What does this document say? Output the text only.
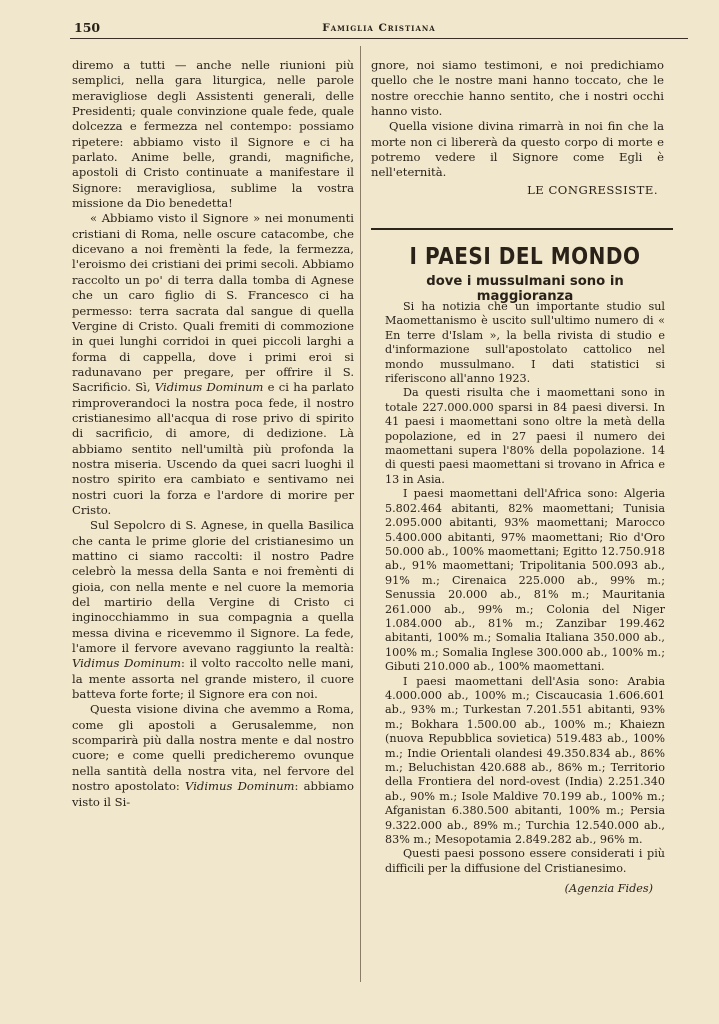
150	Famiglia Cristiana

diremo a tutti — anche nelle riunioni più semplici, nella gara liturgica, nelle parole meravigliose degli Assistenti generali, delle Presidenti; quale convinzione quale fede, quale dolcezza e fermezza nel contempo: possiamo ripetere: abbiamo visto il Signore e ci ha parlato. Anime belle, grandi, magnifiche, apostoli di Cristo continuate a manifestare il Signore: meravigliosa, sublime la vostra missione da Dio benedetta!

« Abbiamo visto il Signore » nei monumenti cristiani di Roma, nelle oscure catacombe, che dicevano a noi fremènti la fede, la fermezza, l'eroismo dei cristiani dei primi secoli. Abbiamo raccolto un po' di terra dalla tomba di Agnese che un caro figlio di S. Francesco ci ha permesso: terra sacrata dal sangue di quella Vergine di Cristo. Quali fremiti di commozione in quei lunghi corridoi in quei piccoli larghi a forma di cappella, dove i primi eroi si radunavano per pregare, per offrire il S. Sacrificio. Sì, Vidimus Dominum e ci ha parlato rimproverandoci la nostra poca fede, il nostro cristianesimo all'acqua di rose privo di spirito di sacrificio, di amore, di dedizione. Là abbiamo sentito nell'umiltà più profonda la nostra miseria. Uscendo da quei sacri luoghi il nostro spirito era cambiato e sentivamo nei nostri cuori la forza e l'ardore di morire per Cristo.

Sul Sepolcro di S. Agnese, in quella Basilica che canta le prime glorie del cristianesimo un mattino ci siamo raccolti: il nostro Padre celebrò la messa della Santa e noi fremènti di gioia, con nella mente e nel cuore la memoria del martirio della Vergine di Cristo ci inginocchiammo in sua compagnia a quella messa divina e ricevemmo il Signore. La fede, l'amore il fervore avevano raggiunto la realtà: Vidimus Dominum: il volto raccolto nelle mani, la mente assorta nel grande mistero, il cuore batteva forte forte; il Signore era con noi.

Questa visione divina che avemmo a Roma, come gli apostoli a Gerusalemme, non scomparirà più dalla nostra mente e dal nostro cuore; e come quelli predicheremo ovunque nella santità della nostra vita, nel fervore del nostro apostolato: Vidimus Dominum: abbiamo visto il Si-

gnore, noi siamo testimoni, e noi predichiamo quello che le nostre mani hanno toccato, che le nostre orecchie hanno sentito, che i nostri occhi hanno visto.

Quella visione divina rimarrà in noi fin che la morte non ci libererà da questo corpo di morte e potremo vedere il Signore come Egli è nell'eternità.

LE CONGRESSISTE.

I PAESI DEL MONDO
dove i mussulmani sono in maggioranza

Si ha notizia che un importante studio sul Maomettanismo è uscito sull'ultimo numero di « En terre d'Islam », la bella rivista di studio e d'informazione sull'apostolato cattolico nel mondo mussulmano. I dati statistici si riferiscono all'anno 1923.

Da questi risulta che i maomettani sono in totale 227.000.000 sparsi in 84 paesi diversi. In 41 paesi i maomettani sono oltre la metà della popolazione, ed in 27 paesi il numero dei maomettani supera l'80% della popolazione. 14 di questi paesi maomettani si trovano in Africa e 13 in Asia.

I paesi maomettani dell'Africa sono: Algeria 5.802.464 abitanti, 82% maomettani; Tunisia 2.095.000 abitanti, 93% maomettani; Marocco 5.400.000 abitanti, 97% maomettani; Rio d'Oro 50.000 ab., 100% maomettani; Egitto 12.750.918 ab., 91% maomettani; Tripolitania 500.093 ab., 91% m.; Cirenaica 225.000 ab., 99% m.; Senussia 20.000 ab., 81% m.; Mauritania 261.000 ab., 99% m.; Colonia del Niger 1.084.000 ab., 81% m.; Zanzibar 199.462 abitanti, 100% m.; Somalia Italiana 350.000 ab., 100% m.; Somalia Inglese 300.000 ab., 100% m.; Gibuti 210.000 ab., 100% maomettani.

I paesi maomettani dell'Asia sono: Arabia 4.000.000 ab., 100% m.; Ciscaucasia 1.606.601 ab., 93% m.; Turkestan 7.201.551 abitanti, 93% m.; Bokhara 1.500.00 ab., 100% m.; Khaiezn (nuova Repubblica sovietica) 519.483 ab., 100% m.; Indie Orientali olandesi 49.350.834 ab., 86% m.; Beluchistan 420.688 ab., 86% m.; Territorio della Frontiera del nord-ovest (India) 2.251.340 ab., 90% m.; Isole Maldive 70.199 ab., 100% m.; Afganistan 6.380.500 abitanti, 100% m.; Persia 9.322.000 ab., 89% m.; Turchia 12.540.000 ab., 83% m.; Mesopotamia 2.849.282 ab., 96% m.

Questi paesi possono essere considerati i più difficili per la diffusione del Cristianesimo.

(Agenzia Fides)
